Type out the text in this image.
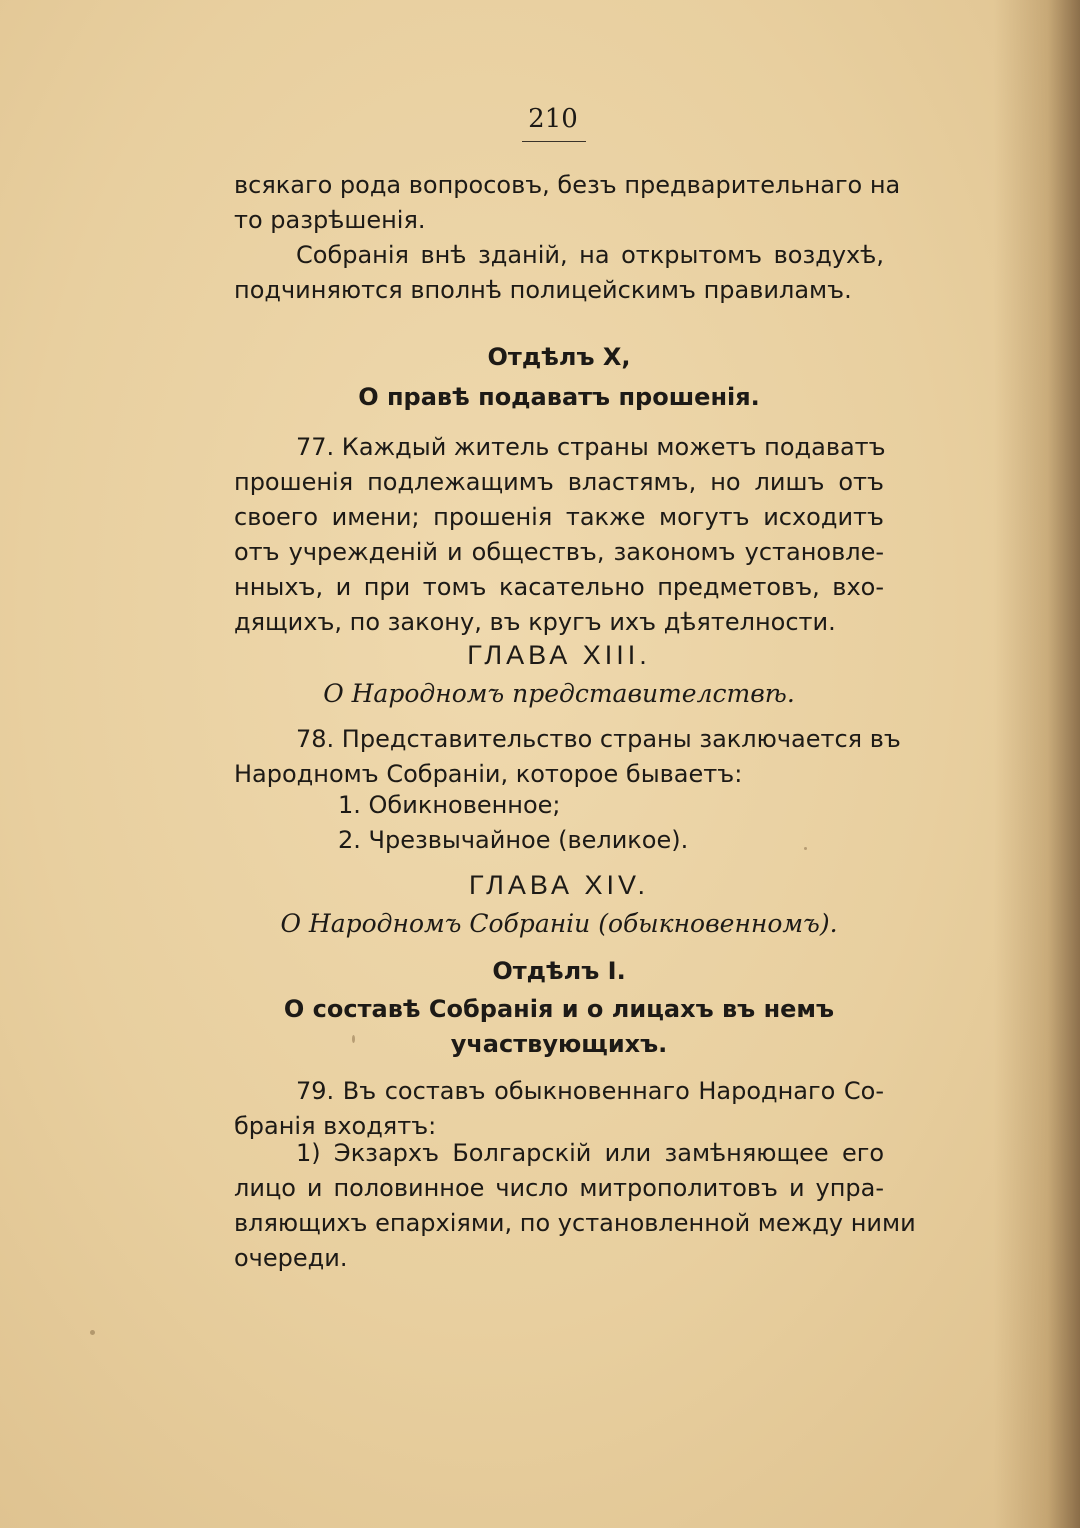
210
всякаго рода вопросовъ, безъ предварительнаго на
то разрѣшенія.
Собранія внѣ зданій, на открытомъ воздухѣ,
подчиняются вполнѣ полицейскимъ правиламъ.
Отдѣлъ X,
О правѣ подаватъ прошенія.
77. Каждый житель страны можетъ подаватъ
прошенія подлежащимъ властямъ, но лишъ отъ
своего имени; прошенія также могутъ исходитъ
отъ учрежденій и обществъ, закономъ установле-
нныхъ, и при томъ касательно предметовъ, вхо-
дящихъ, по закону, въ кругъ ихъ дѣятелности.
ГЛАВА XIII.
О Народномъ представителствѣ.
78. Представительство страны заключается въ
Народномъ Собраніи, которое бываетъ:
1. Обикновенное;
2. Чрезвычайное (великое).
ГЛАВА XIV.
О Народномъ Собраніи (обыкновенномъ).
Отдѣлъ I.
О составѣ Собранія и о лицахъ въ немъ
участвующихъ.
79. Въ составъ обыкновеннаго Народнаго Со-
бранія входятъ:
1) Экзархъ Болгарскій или замѣняющее его
лицо и половинное число митрополитовъ и упра-
вляющихъ епархіями, по установленной между ними
очереди.
